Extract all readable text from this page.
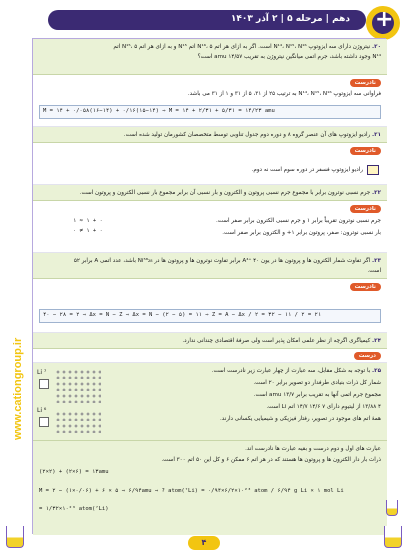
+
دهم | مرحله ۵ | ۲ آذر ۱۴۰۳
www.cationgroup.ir
۲۰. نیتروژن دارای سه ایزوتوپ N¹⁴، N¹⁵، N¹⁶ است. اگر به ازای هر اتم N¹⁶، ۵ اتم N¹⁵ و به ازای هر اتم N¹⁵، ۵ اتم
N¹⁴ وجود داشته باشد، جرم اتمی میانگین نیتروژن به تقریب ۱۴/۵۷ amu است؟
نادرست
فراوانی سه ایزوتوپ N¹⁴، N¹⁵، N¹⁶ به ترتیب ۲۵ از ۳۱، ۵ از ۳۱ و ۱ از ۳۱ می باشد.
M = ۱۴ + ۰/۰۵۸(۱۶−۱۴) + ۰/۱۶(۱۵−۱۴) ⇒ M = ۱۴ + ۲/۳۱ + ۵/۳۱ = ۱۴/۲۳ amu
۲۱. رادیو ایزوتوپ های آن عنصر گروه ۸ و دوره دوم جدول تناوبی توسط متخصصان کشورمان تولید شده است.
نادرست
رادیو ایزوتوپ فسفر در دوره سوم است نه دوم.
۲۲. جرم نسبی نوترون برابر با مجموع جرم نسبی پروتون و الکترون و بار نسبی آن برابر مجموع بار نسبی الکترون و پروتون است.
نادرست
جرم نسبی نوترون تقریباً برابر ۱ و جرم نسبی الکترون برابر صفر است.
بار نسبی نوترون: صفر، پروتون برابر ۱+ و الکترون برابر صفر است.
۱ ≈ ۱ + ۰
۰ ≠ ۱ + ۰
۲۳. اگر تفاوت شمار الکترون ها و پروتون ها در یون A⁴⁺ ۴۰ برابر تفاوت نوترون ها و پروتون ها در Ni⁵⁸₂₈ باشد، عدد اتمی A برابر ۵۲
است.
نادرست
۴۰ − ۲۸ = ۲ ⇒ Δx = N − Z ⇒ Δx = N − (۲ − ۵) = ۱۱ ⇒ Z = A − Δx / ۲ = ۳۲ − ۱۱ / ۲ = ۲۱
۲۴. کیمیاگری اگرچه از نظر علمی امکان پذیر است ولی صرفهٔ اقتصادی چندانی ندارد.
درست
۲۵. با توجه به شکل مقابل، سه عبارت از چهار عبارت زیر نادرست است.
شمار کل ذرات بنیادی طرفدار دو تصویر برابر ۲۰ است.
مجموع جرم اتمی آنها به تقریب برابر ۱۳/۷ amu است.
۴ ۱۳/۸۸ از لیتیوم دارای ۷ ۱۴/۶ ۱۴/۷ اتم Li است.
همهٔ اتم های موجود در تصویر، رفتار فیزیکی و شیمیایی یکسانی دارند.
Li ⁷
Li ⁶
عبارت های اول و دوم درست و بقیه عبارت ها نادرست اند.
ذرات بار دار الکترون ها و پروتون ها هستند که در هر اتم ۶ ممکن ۶ و کل این ۵۰ اتم ۳۰۰ است.
(۲×۲) + (۲×۶) = ۱۳amu
M = ۲ − (۱×۰/۰۶) + ۶ × ۵ ⇒ ۶/۹۴amu ⇒ ? atom(⁷Li) = ۰/۹۴×۶/۲×۱۰²³ atom / ۶/۹۴ g Li × ۱ mol Li
= ۱/۳۲×۱۰²³ atom(⁷Li)
۴
